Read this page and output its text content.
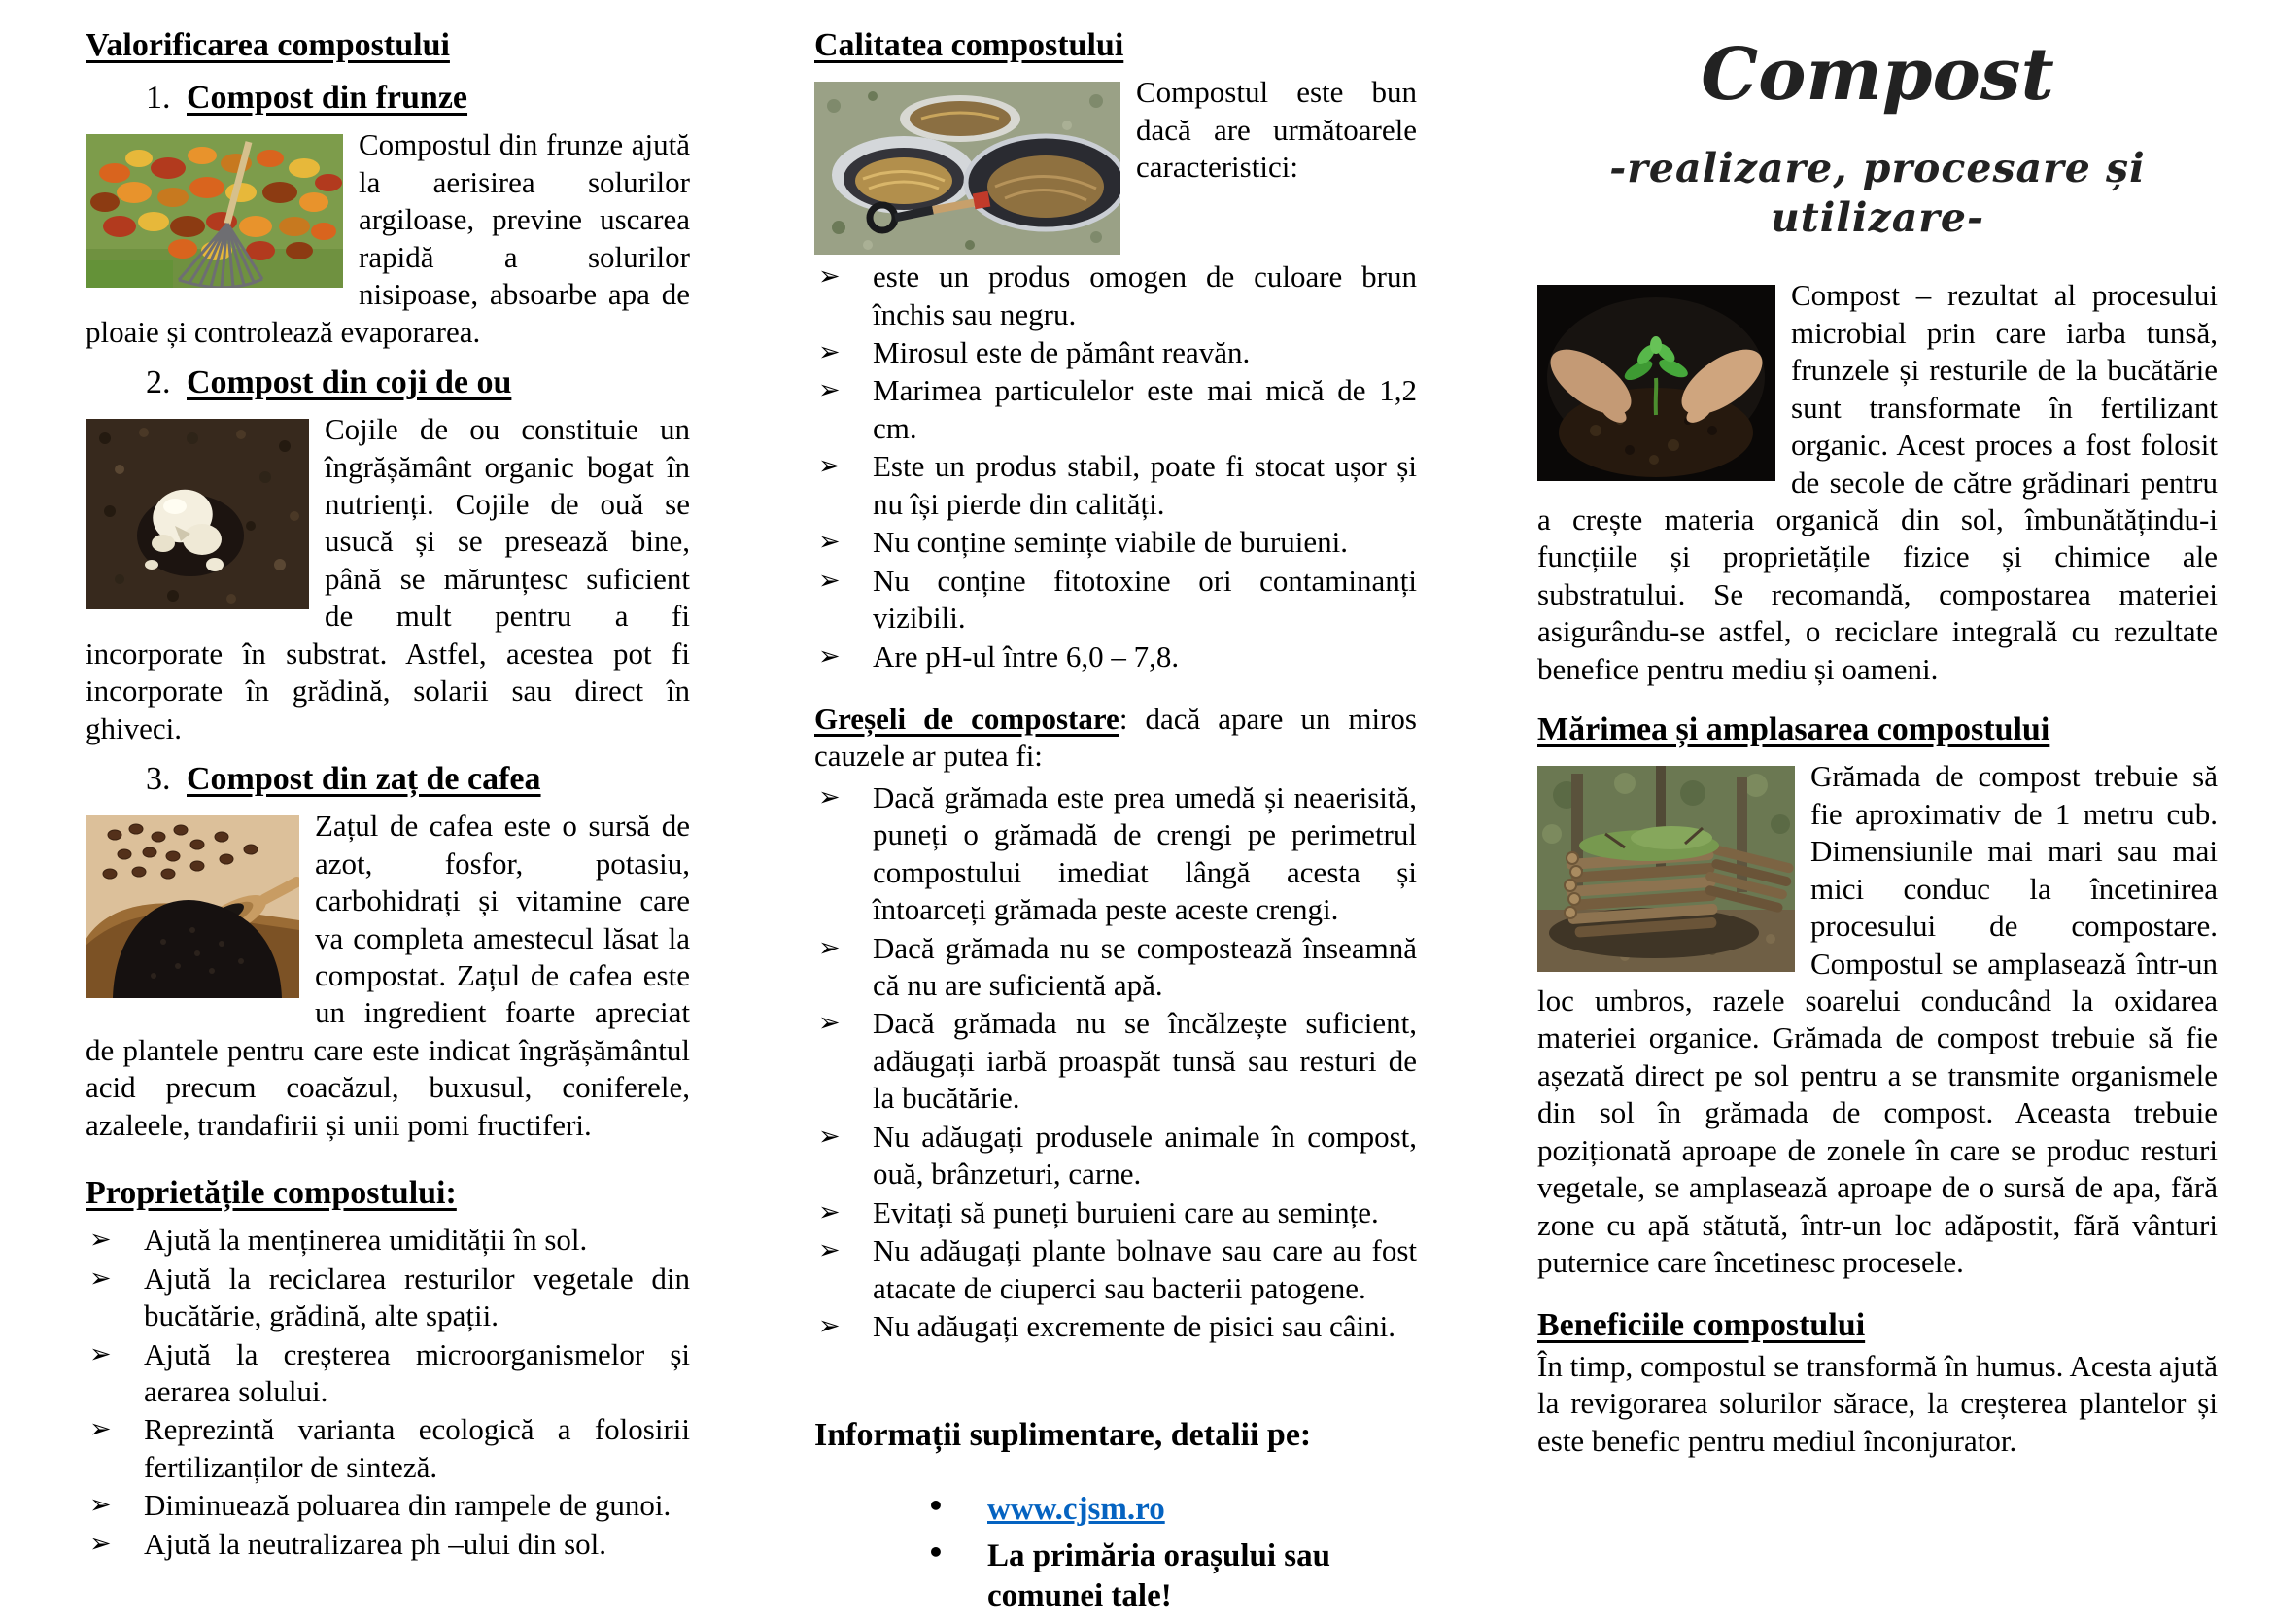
Valorificarea compostului
1. Compost din frunze

Compostul din frunze ajută la aerisirea solurilor argiloase, previne uscarea rapidă a solurilor nisipoase, absoarbe apa de ploaie și controlează evaporarea.

2. Compost din coji de ou

Cojile de ou constituie un îngrășământ organic bogat în nutrienți. Cojile de ouă se usucă și se presează bine, până se mărunțesc suficient de mult pentru a fi incorporate în substrat. Astfel, acestea pot fi incorporate în grădină, solarii sau direct în ghiveci.

3. Compost din zaț de cafea

Zațul de cafea este o sursă de azot, fosfor, potasiu, carbohidrați și vitamine care va completa amestecul lăsat la compostat. Zațul de cafea este un ingredient foarte apreciat de plantele pentru care este indicat îngrășământul acid precum coacăzul, buxusul, coniferele, azaleele, trandafirii și unii pomi fructiferi.

Proprietățile compostului:
➢	Ajută la menținerea umidității în sol.
➢	Ajută la reciclarea resturilor vegetale din bucătărie, grădină, alte spații.
➢	Ajută la creșterea microorganismelor și aerarea solului.
➢	Reprezintă varianta ecologică a folosirii fertilizanților de sinteză.
➢	Diminuează poluarea din rampele de gunoi.
➢	Ajută la neutralizarea ph –ului din sol.
Calitatea compostului

Compostul este bun dacă are următoarele caracteristici:

➢	este un produs omogen de culoare brun închis sau negru.
➢	Mirosul este de pământ reavăn.
➢	Marimea particulelor este mai mică de 1,2 cm.
➢	Este un produs stabil, poate fi stocat ușor și nu își pierde din calități.
➢	Nu conține semințe viabile de buruieni.
➢	Nu conține fitotoxine ori contaminanți vizibili.
➢	Are pH-ul între 6,0 – 7,8.

Greșeli de compostare: dacă apare un miros cauzele ar putea fi:

➢	Dacă grămada este prea umedă și neaerisită, puneți o grămadă de crengi pe perimetrul compostului imediat lângă acesta și întoarceți grămada peste aceste crengi.
➢	Dacă grămada nu se compostează înseamnă că nu are suficientă apă.
➢	Dacă grămada nu se încălzește suficient, adăugați iarbă proaspăt tunsă sau resturi de la bucătărie.
➢	Nu adăugați produsele animale în compost, ouă, brânzeturi, carne.
➢	Evitați să puneți buruieni care au semințe.
➢	Nu adăugați plante bolnave sau care au fost atacate de ciuperci sau bacterii patogene.
➢	Nu adăugați excremente de pisici sau câini.
Informații suplimentare, detalii pe:
•	www.cjsm.ro
•	La primăria orașului sau comunei tale!
Compost
-realizare, procesare și utilizare-

Compost – rezultat al procesului microbial prin care iarba tunsă, frunzele și resturile de la bucătărie sunt transformate în fertilizant organic. Acest proces a fost folosit de secole de către grădinari pentru a crește materia organică din sol, îmbunătățindu-i funcțiile și proprietățile fizice și chimice ale substratului. Se recomandă, compostarea materiei asigurându-se astfel, o reciclare integrală cu rezultate benefice pentru mediu și oameni.

Mărimea și amplasarea compostului

Grămada de compost trebuie să fie aproximativ de 1 metru cub. Dimensiunile mai mari sau mai mici conduc la încetinirea procesului de compostare. Compostul se amplasează într-un loc umbros, razele soarelui conducând la oxidarea materiei organice. Grămada de compost trebuie să fie așezată direct pe sol pentru a se transmite organismele din sol în grămada de compost. Aceasta trebuie poziționată aproape de zonele în care se produc resturi vegetale, se amplasează aproape de o sursă de apa, fără zone cu apă stătută, într-un loc adăpostit, fără vânturi puternice care încetinesc procesele.

Beneficiile compostului

În timp, compostul se transformă în humus. Acesta ajută la revigorarea solurilor sărace, la creșterea plantelor și este benefic pentru mediul înconjurator.
